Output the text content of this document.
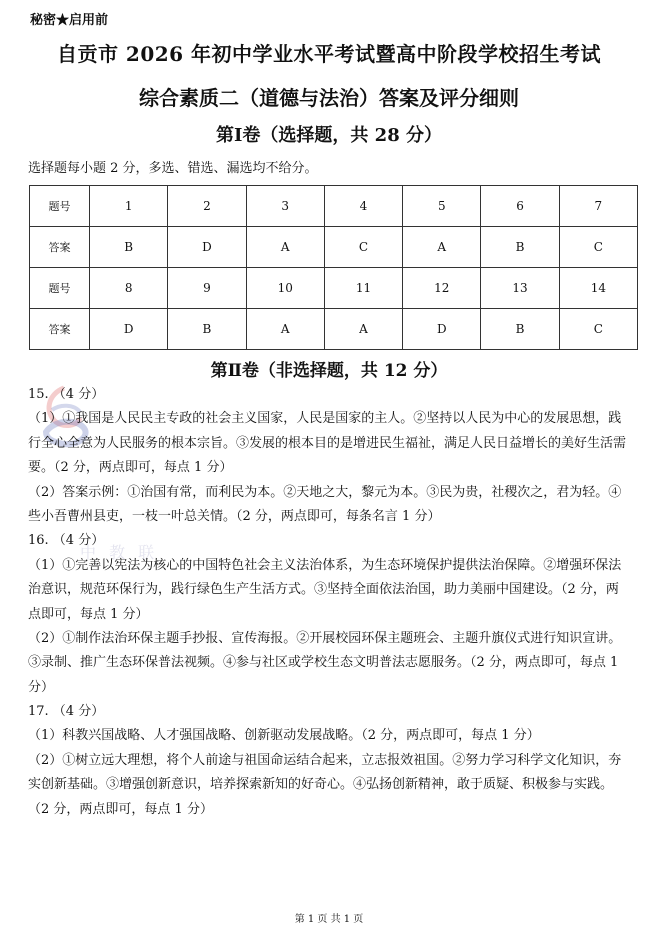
秘密★启用前
自贡市 2026 年初中学业水平考试暨高中阶段学校招生考试
综合素质二（道德与法治）答案及评分细则
第Ⅰ卷（选择题，共 28 分）
选择题每小题 2 分，多选、错选、漏选均不给分。
题号	1	2	3	4	5	6	7
答案	B	D	A	C	A	B	C
题号	8	9	10	11	12	13	14
答案	D	B	A	A	D	B	C
第Ⅱ卷（非选择题，共 12 分）
中 教 联
15. （4 分）
（1）①我国是人民民主专政的社会主义国家，人民是国家的主人。②坚持以人民为中心的发展思想，践
行全心全意为人民服务的根本宗旨。③发展的根本目的是增进民生福祉，满足人民日益增长的美好生活需
要。（2 分，两点即可，每点 1 分）
（2）答案示例：①治国有常，而利民为本。②天地之大，黎元为本。③民为贵，社稷次之，君为轻。④
些小吾曹州县吏，一枝一叶总关情。（2 分，两点即可，每条名言 1 分）
16. （4 分）
（1）①完善以宪法为核心的中国特色社会主义法治体系，为生态环境保护提供法治保障。②增强环保法
治意识，规范环保行为，践行绿色生产生活方式。③坚持全面依法治国，助力美丽中国建设。（2 分，两
点即可，每点 1 分）
（2）①制作法治环保主题手抄报、宣传海报。②开展校园环保主题班会、主题升旗仪式进行知识宣讲。
③录制、推广生态环保普法视频。④参与社区或学校生态文明普法志愿服务。（2 分，两点即可，每点 1
分）
17. （4 分）
（1）科教兴国战略、人才强国战略、创新驱动发展战略。（2 分，两点即可，每点 1 分）
（2）①树立远大理想，将个人前途与祖国命运结合起来，立志报效祖国。②努力学习科学文化知识，夯
实创新基础。③增强创新意识，培养探索新知的好奇心。④弘扬创新精神，敢于质疑、积极参与实践。
（2 分，两点即可，每点 1 分）
第 1 页 共 1 页
